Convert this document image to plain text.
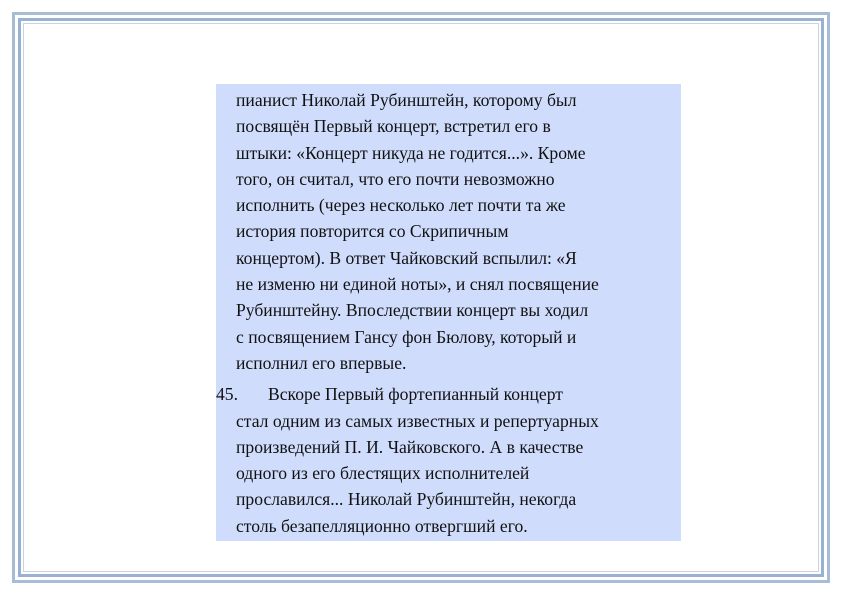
пианист Николай Рубинштейн, которому был
посвящён Первый концерт, встретил его в
штыки: «Концерт никуда не годится...». Кроме
того, он считал, что его почти невозможно
исполнить (через несколько лет почти та же
история повторится со Скрипичным
концертом). В ответ Чайковский вспылил: «Я
не изменю ни единой ноты», и снял посвящение
Рубинштейну. Впоследствии концерт вы ходил
с посвящением Гансу фон Бюлову, который и
исполнил его впервые.
45. Вскоре Первый фортепианный концерт
стал одним из самых известных и репертуарных
произведений П. И. Чайковского. А в качестве
одного из его блестящих исполнителей
прославился... Николай Рубинштейн, некогда
столь безапелляционно отвергший его.
